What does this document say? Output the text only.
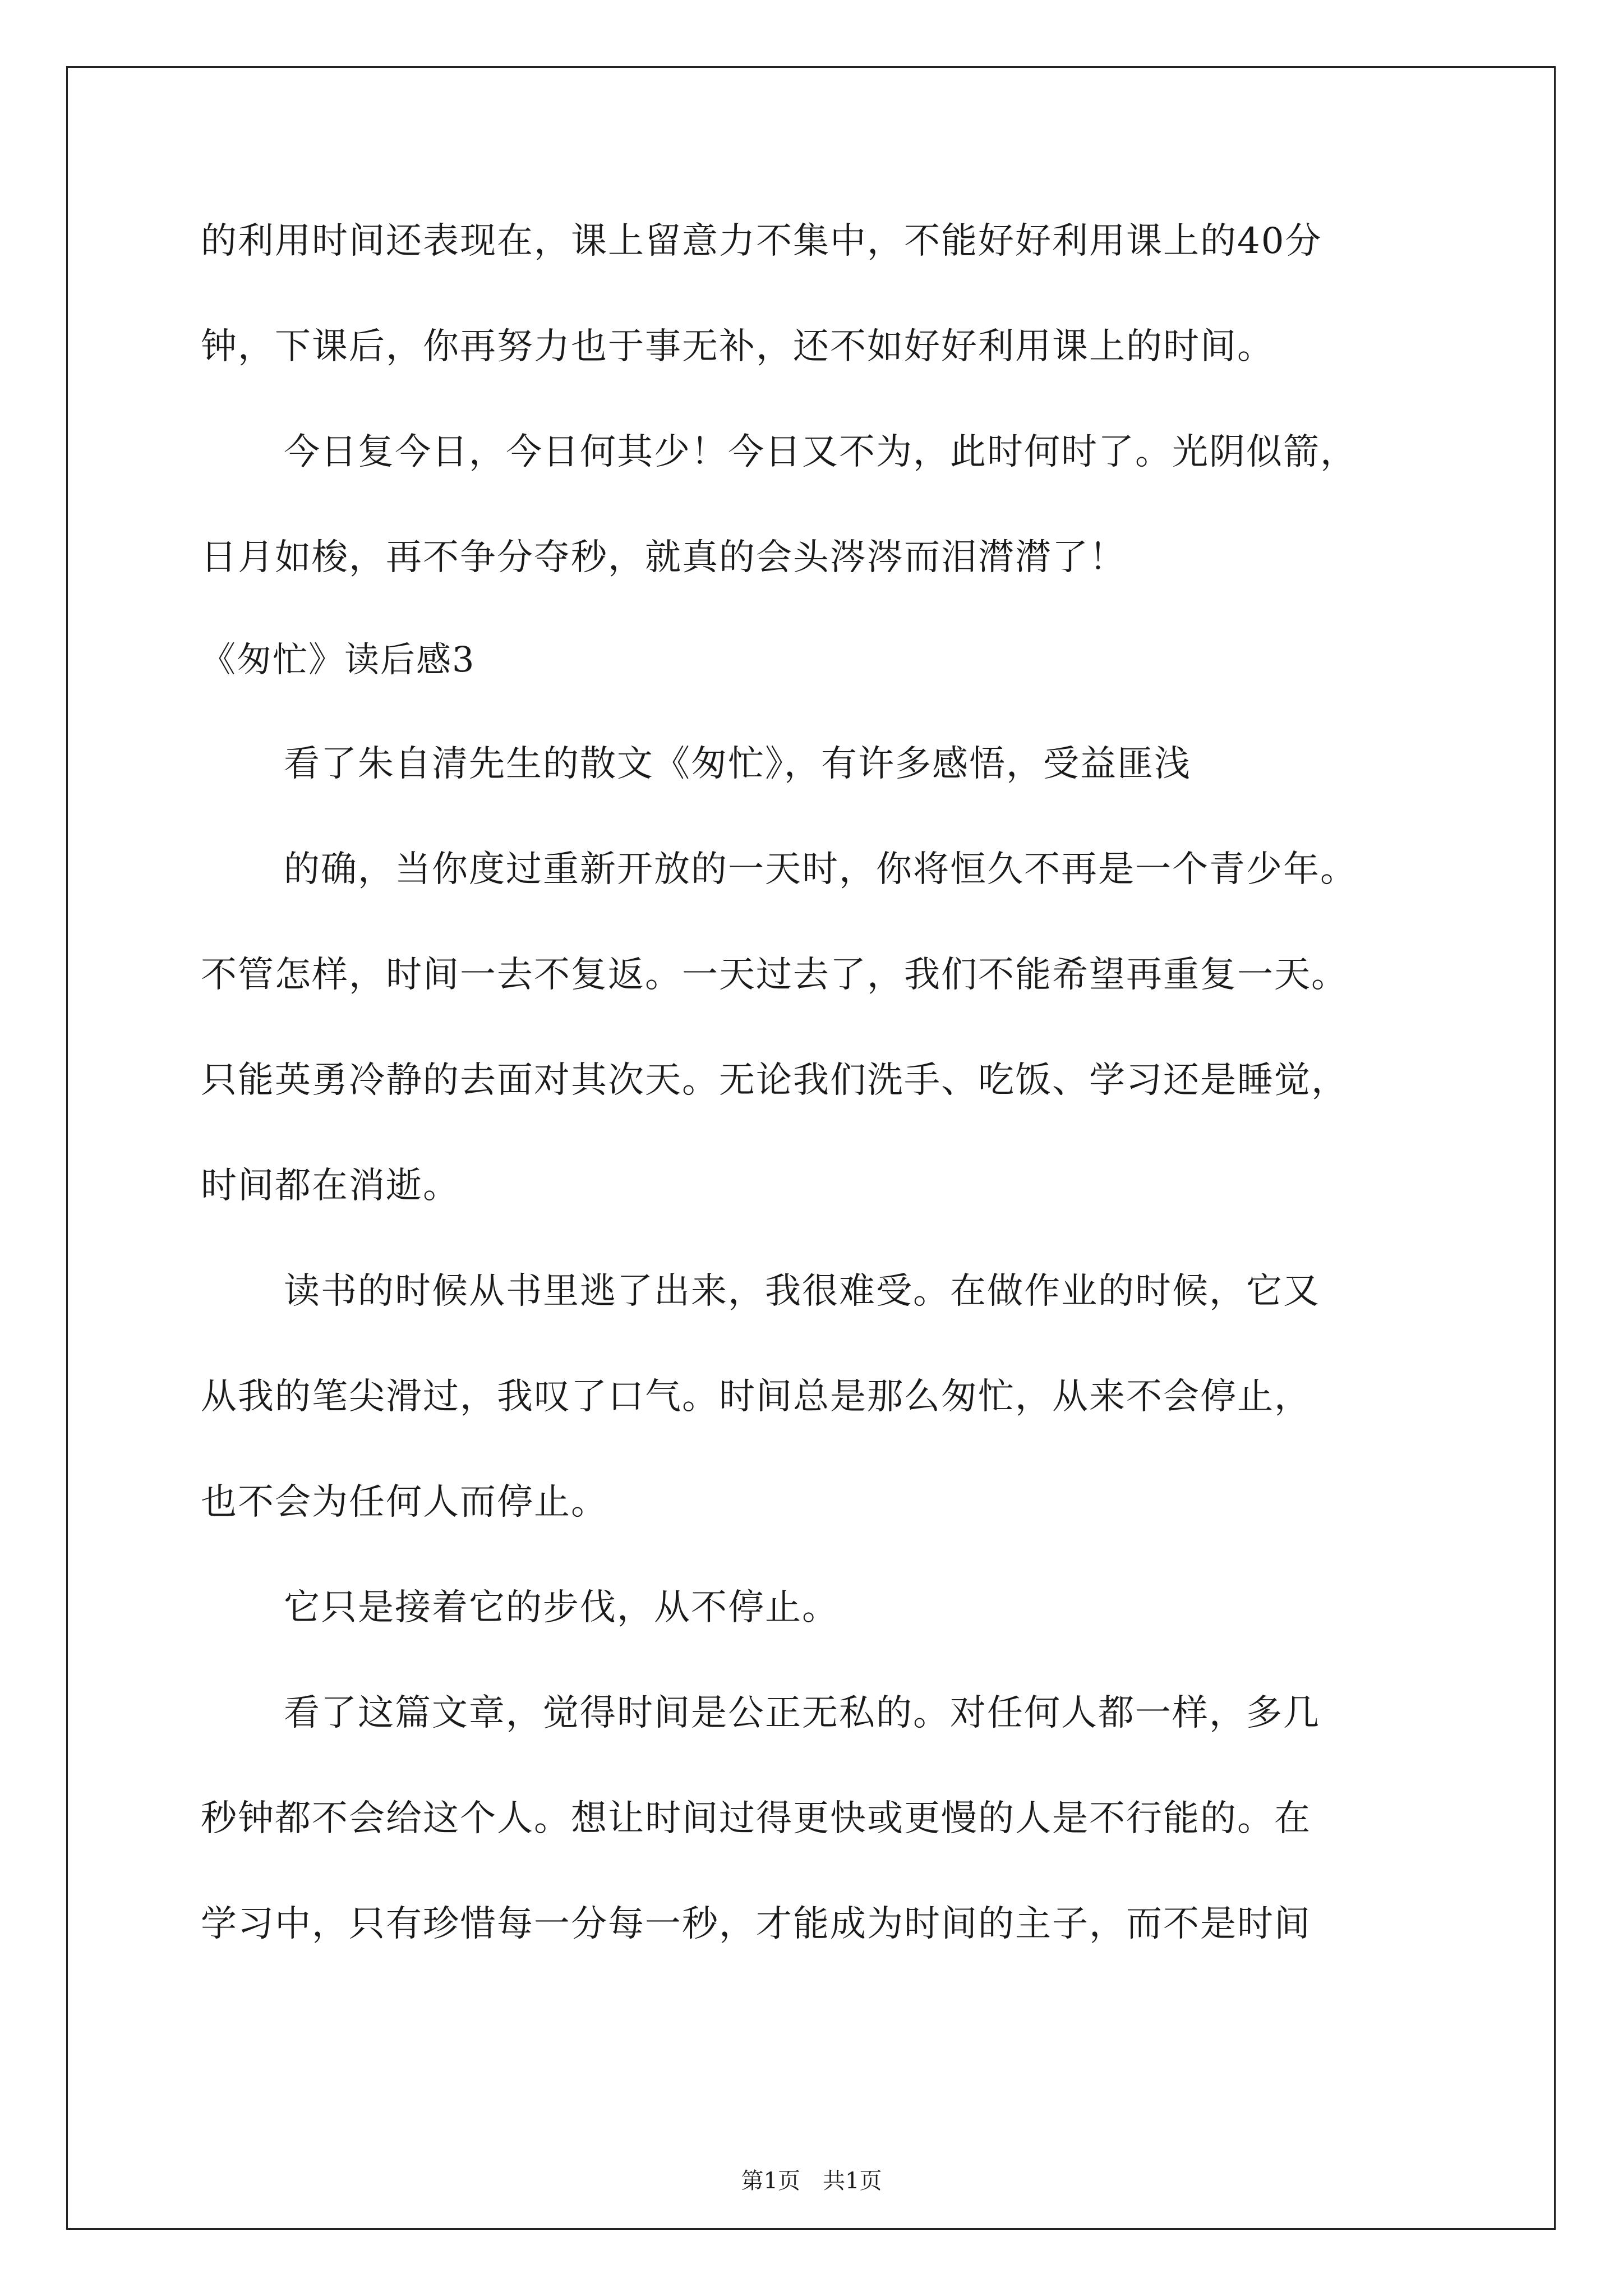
的利用时间还表现在，课上留意力不集中，不能好好利用课上的40分
钟，下课后，你再努力也于事无补，还不如好好利用课上的时间。
今日复今日，今日何其少！今日又不为，此时何时了。光阴似箭，
日月如梭，再不争分夺秒，就真的会头涔涔而泪潸潸了！
《匆忙》读后感3
看了朱自清先生的散文《匆忙》，有许多感悟，受益匪浅
的确，当你度过重新开放的一天时，你将恒久不再是一个青少年。
不管怎样，时间一去不复返。一天过去了，我们不能希望再重复一天。
只能英勇冷静的去面对其次天。无论我们洗手、吃饭、学习还是睡觉，
时间都在消逝。
读书的时候从书里逃了出来，我很难受。在做作业的时候，它又
从我的笔尖滑过，我叹了口气。时间总是那么匆忙，从来不会停止，
也不会为任何人而停止。
它只是接着它的步伐，从不停止。
看了这篇文章，觉得时间是公正无私的。对任何人都一样，多几
秒钟都不会给这个人。想让时间过得更快或更慢的人是不行能的。在
学习中，只有珍惜每一分每一秒，才能成为时间的主子，而不是时间
第1页　共1页
